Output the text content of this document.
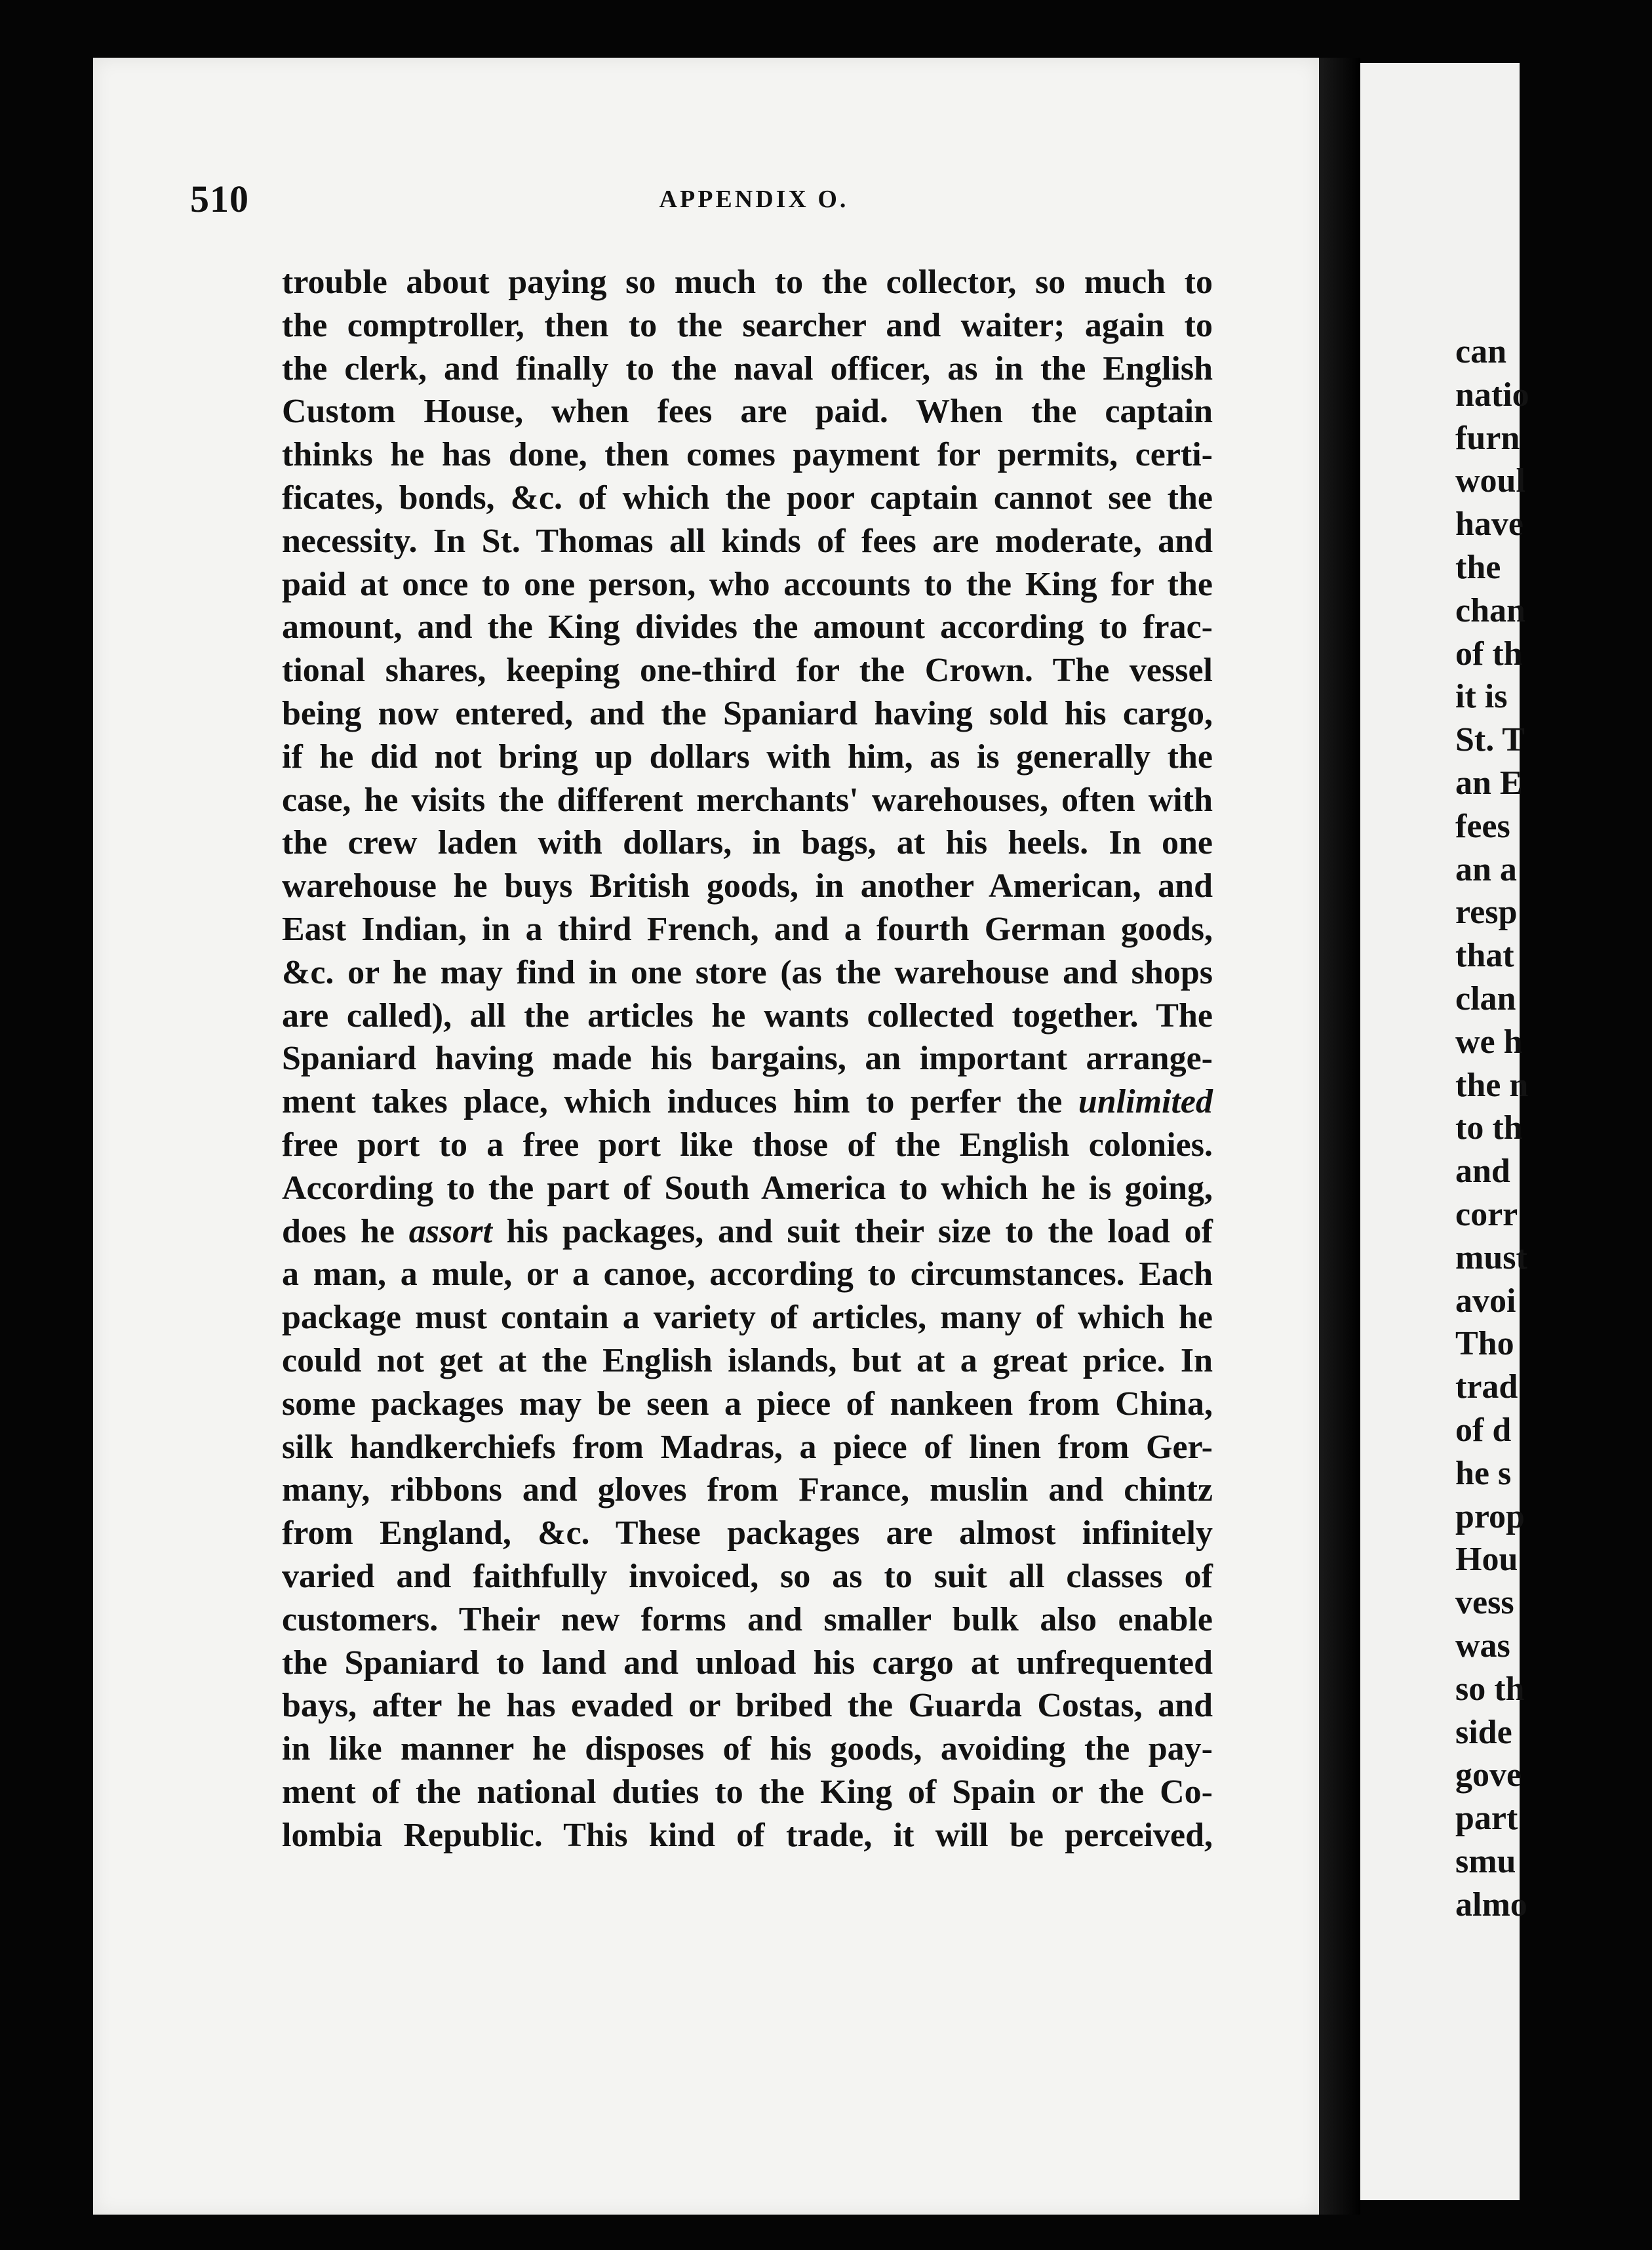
can
natio
furn
woul
have
the
chan
of th
it is
St. T
an E
fees
an a
resp
that
clan
we h
the n
to th
and
corr
must
avoi
Tho
trad
of d
he s
prop
Hou
vess
was
so th
side
gove
part
smu
almo
510	APPENDIX O.
trouble about paying so much to the collector, so much to
the comptroller, then to the searcher and waiter; again to
the clerk, and finally to the naval officer, as in the English
Custom House, when fees are paid. When the captain
thinks he has done, then comes payment for permits, certi-
ficates, bonds, &c. of which the poor captain cannot see the
necessity. In St. Thomas all kinds of fees are moderate, and
paid at once to one person, who accounts to the King for the
amount, and the King divides the amount according to frac-
tional shares, keeping one-third for the Crown. The vessel
being now entered, and the Spaniard having sold his cargo,
if he did not bring up dollars with him, as is generally the
case, he visits the different merchants' warehouses, often with
the crew laden with dollars, in bags, at his heels. In one
warehouse he buys British goods, in another American, and
East Indian, in a third French, and a fourth German goods,
&c. or he may find in one store (as the warehouse and shops
are called), all the articles he wants collected together. The
Spaniard having made his bargains, an important arrange-
ment takes place, which induces him to perfer the unlimited
free port to a free port like those of the English colonies.
According to the part of South America to which he is going,
does he assort his packages, and suit their size to the load of
a man, a mule, or a canoe, according to circumstances. Each
package must contain a variety of articles, many of which he
could not get at the English islands, but at a great price. In
some packages may be seen a piece of nankeen from China,
silk handkerchiefs from Madras, a piece of linen from Ger-
many, ribbons and gloves from France, muslin and chintz
from England, &c. These packages are almost infinitely
varied and faithfully invoiced, so as to suit all classes of
customers. Their new forms and smaller bulk also enable
the Spaniard to land and unload his cargo at unfrequented
bays, after he has evaded or bribed the Guarda Costas, and
in like manner he disposes of his goods, avoiding the pay-
ment of the national duties to the King of Spain or the Co-
lombia Republic. This kind of trade, it will be perceived,
